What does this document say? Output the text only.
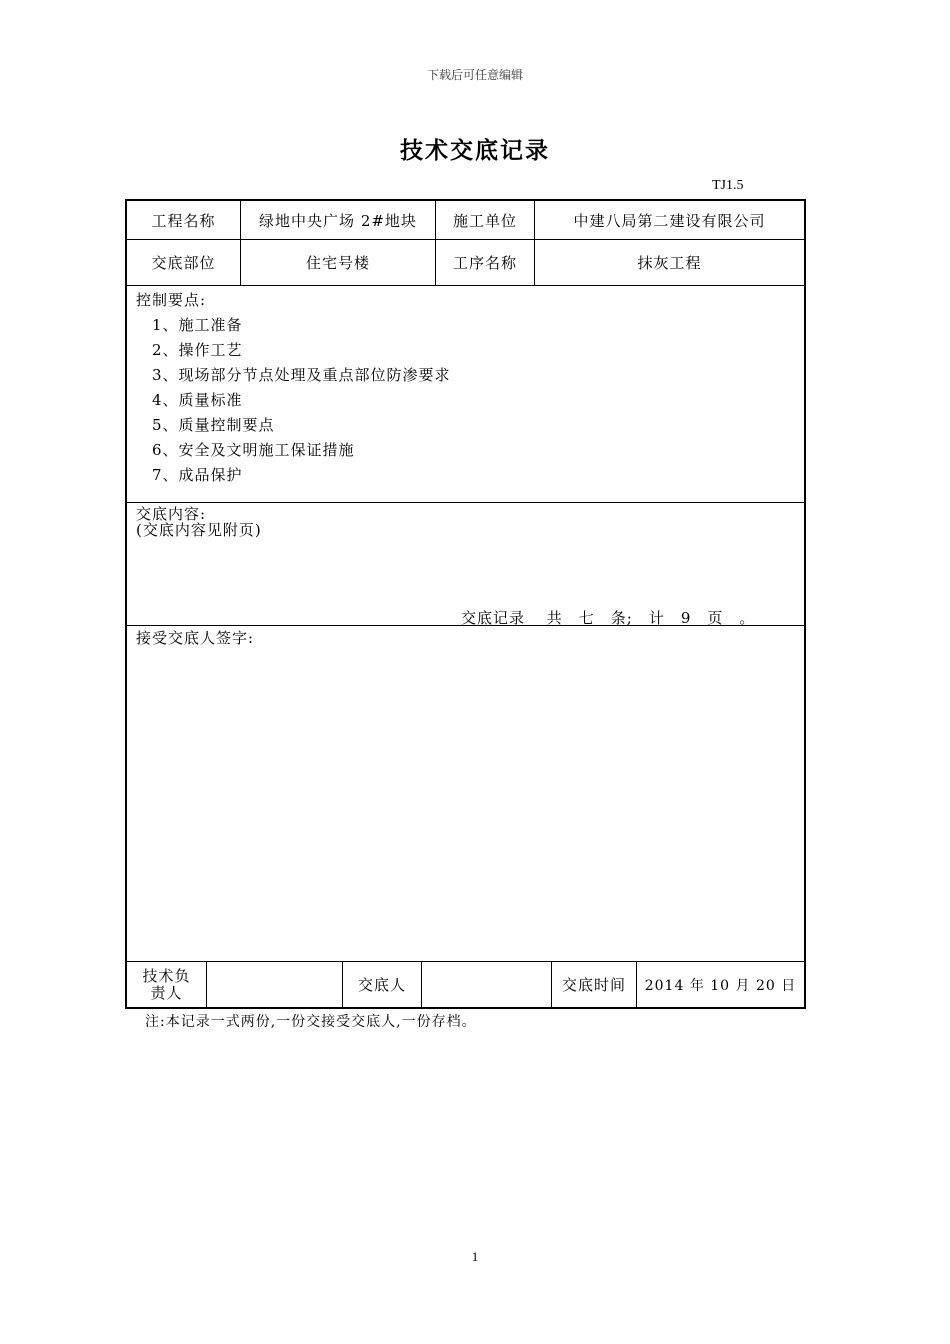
下载后可任意编辑
技术交底记录
TJ1.5
工程名称	绿地中央广场 2#地块	施工单位	中建八局第二建设有限公司
交底部位	住宅号楼	工序名称	抹灰工程
控制要点:
1、施工准备
2、操作工艺
3、现场部分节点处理及重点部位防渗要求
4、质量标准
5、质量控制要点
6、安全及文明施工保证措施
7、成品保护
交底内容:
(交底内容见附页)
交底记录　 共　七　条;　计　9　页　。
接受交底人签字:
技术负
责人	交底人	交底时间	2014 年 10 月 20 日
注:本记录一式两份,一份交接受交底人,一份存档。
1
